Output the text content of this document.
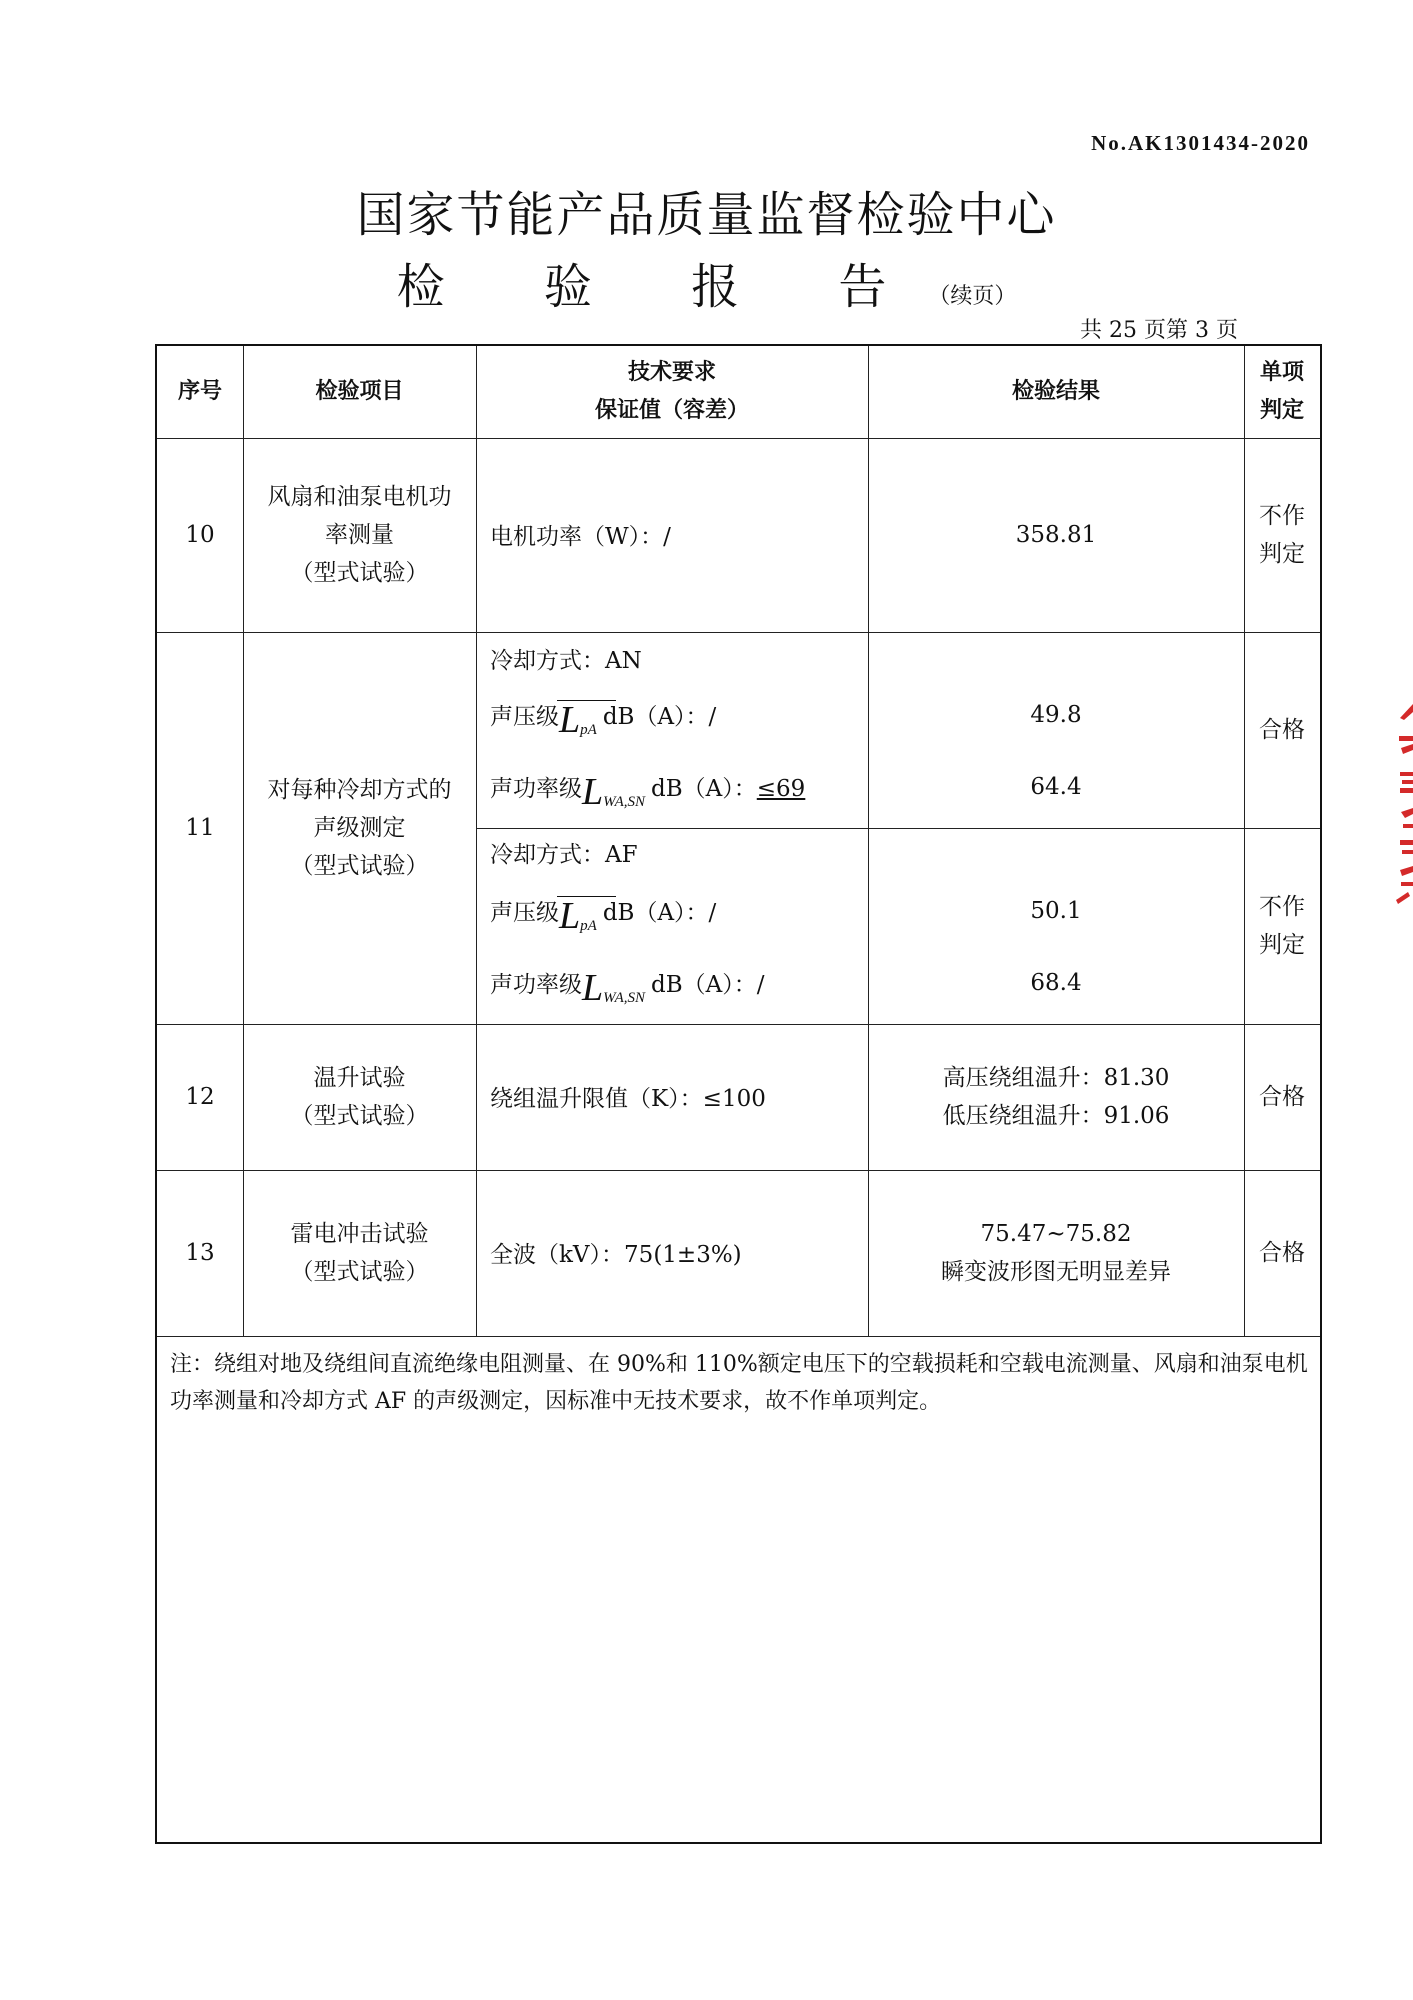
No.AK1301434-2020
国家节能产品质量监督检验中心
检 验 报 告（续页）
共 25 页第 3 页
序号	检验项目
技术要求
保证值（容差）
检验结果
单项
判定
10
风扇和油泵电机功
率测量
（型式试验）
电机功率（W）：/	358.81
不作
判定
11
对每种冷却方式的
声级测定
（型式试验）
冷却方式：AN
声压级$L_{pA}$ dB（A）：/
声功率级$L_{WA,SN}$ dB（A）：≤69
49.8
64.4
合格
冷却方式：AF
声压级$L_{pA}$ dB（A）：/
声功率级$L_{WA,SN}$ dB（A）：/
50.1
68.4
不作
判定
12
温升试验
（型式试验）
绕组温升限值（K）：≤100
高压绕组温升：81.30
低压绕组温升：91.06
合格
13
雷电冲击试验
（型式试验）
全波（kV）：75(1±3%)
75.47~75.82
瞬变波形图无明显差异
合格
注：绕组对地及绕组间直流绝缘电阻测量、在 90%和 110%额定电压下的空载损耗和空载电流测量、风扇和油泵电机功率测量和冷却方式 AF 的声级测定，因标准中无技术要求，故不作单项判定。
